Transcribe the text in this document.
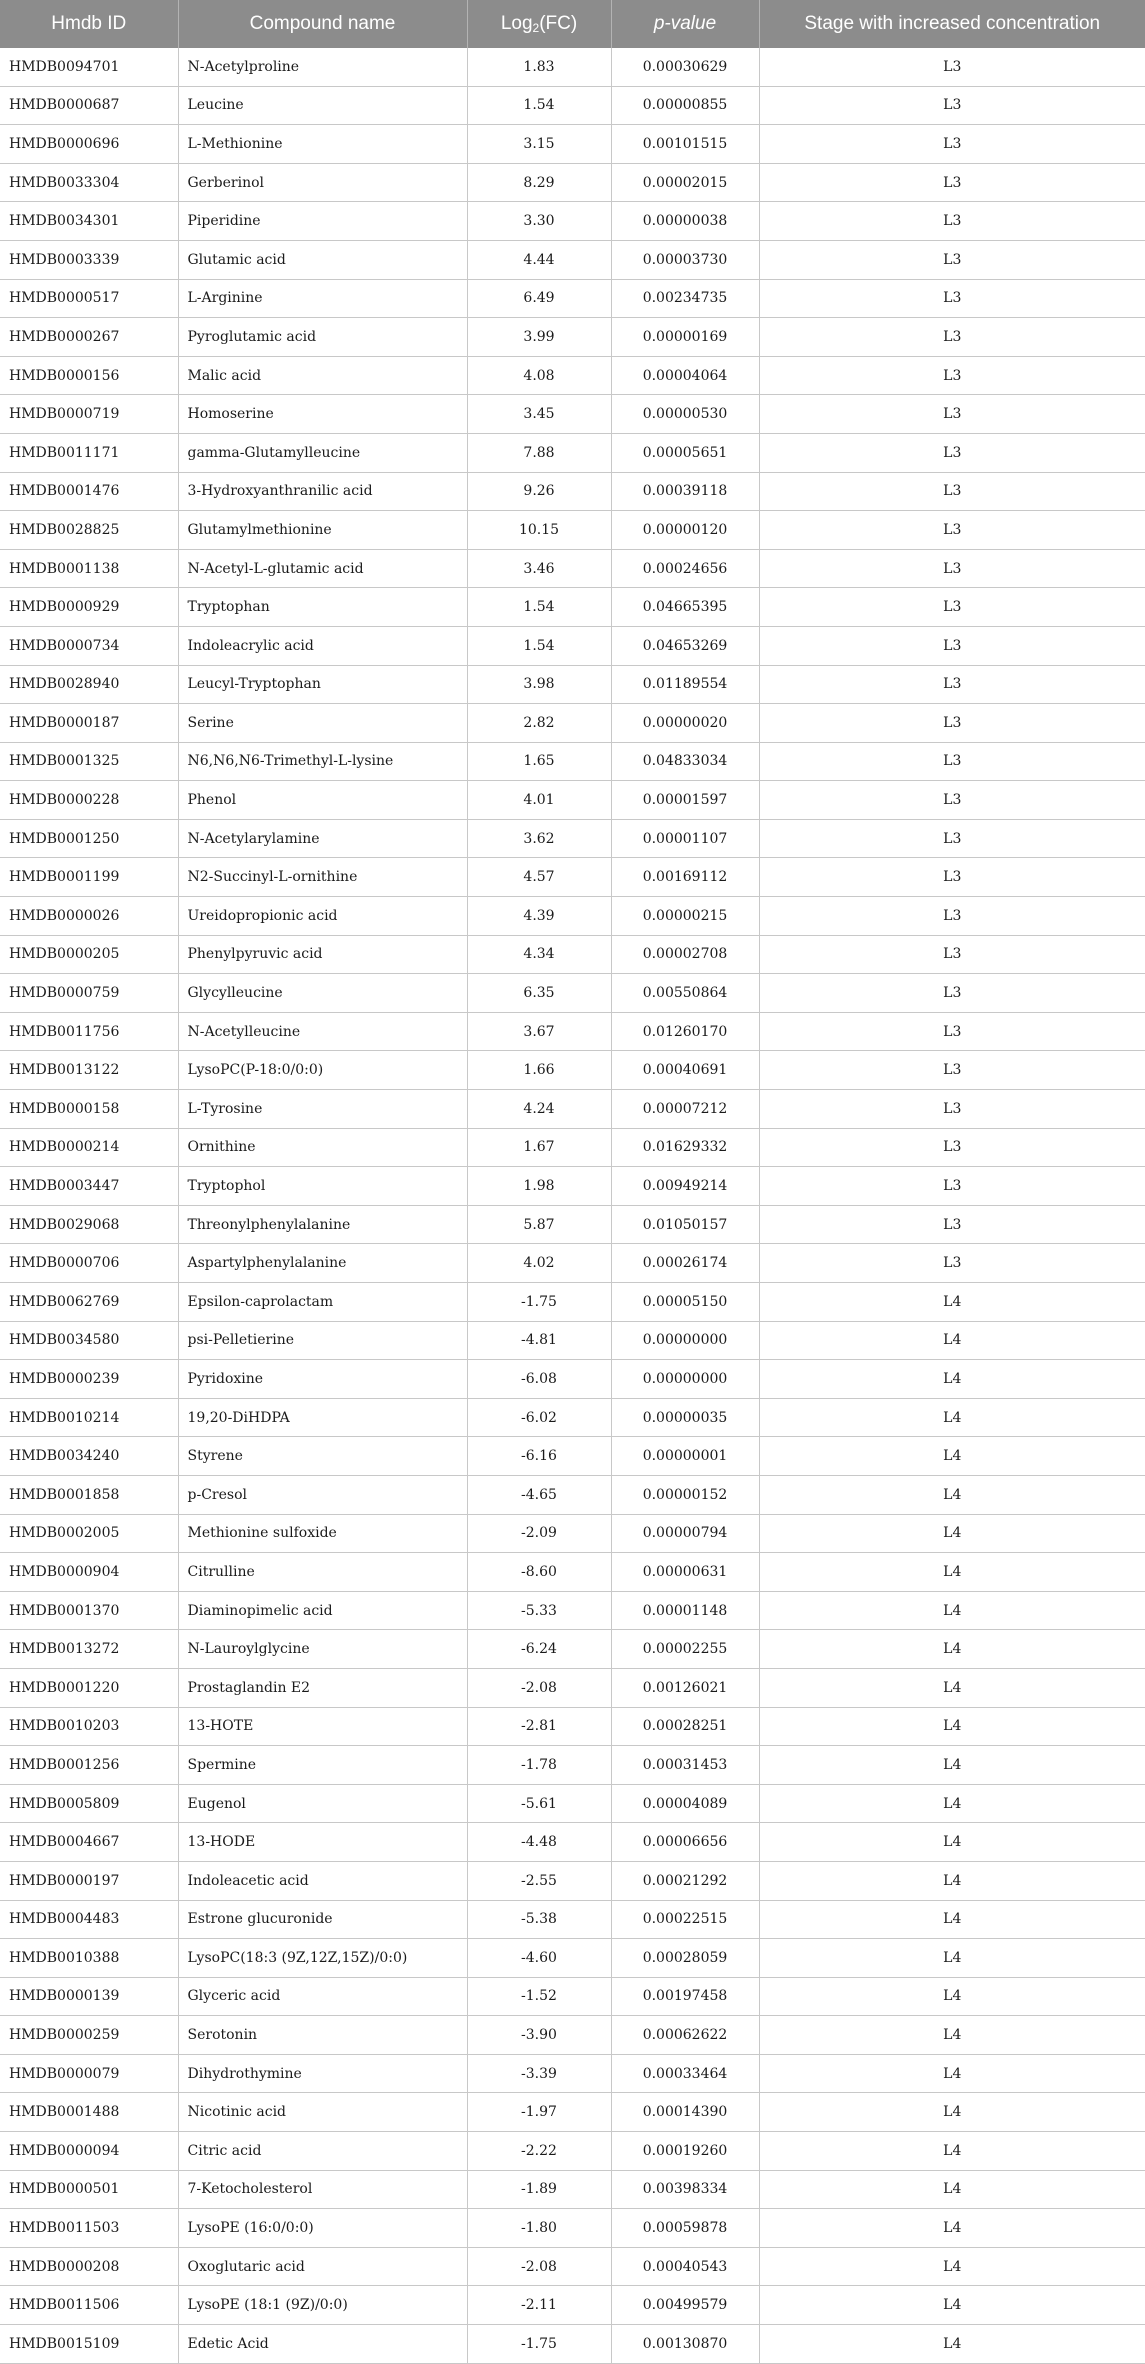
Hmdb ID	Compound name	Log$_2$(FC)	p-value	Stage with increased concentration
HMDB0094701	N-Acetylproline	1.83	0.00030629	L3
HMDB0000687	Leucine	1.54	0.00000855	L3
HMDB0000696	L-Methionine	3.15	0.00101515	L3
HMDB0033304	Gerberinol	8.29	0.00002015	L3
HMDB0034301	Piperidine	3.30	0.00000038	L3
HMDB0003339	Glutamic acid	4.44	0.00003730	L3
HMDB0000517	L-Arginine	6.49	0.00234735	L3
HMDB0000267	Pyroglutamic acid	3.99	0.00000169	L3
HMDB0000156	Malic acid	4.08	0.00004064	L3
HMDB0000719	Homoserine	3.45	0.00000530	L3
HMDB0011171	gamma-Glutamylleucine	7.88	0.00005651	L3
HMDB0001476	3-Hydroxyanthranilic acid	9.26	0.00039118	L3
HMDB0028825	Glutamylmethionine	10.15	0.00000120	L3
HMDB0001138	N-Acetyl-L-glutamic acid	3.46	0.00024656	L3
HMDB0000929	Tryptophan	1.54	0.04665395	L3
HMDB0000734	Indoleacrylic acid	1.54	0.04653269	L3
HMDB0028940	Leucyl-Tryptophan	3.98	0.01189554	L3
HMDB0000187	Serine	2.82	0.00000020	L3
HMDB0001325	N6,N6,N6-Trimethyl-L-lysine	1.65	0.04833034	L3
HMDB0000228	Phenol	4.01	0.00001597	L3
HMDB0001250	N-Acetylarylamine	3.62	0.00001107	L3
HMDB0001199	N2-Succinyl-L-ornithine	4.57	0.00169112	L3
HMDB0000026	Ureidopropionic acid	4.39	0.00000215	L3
HMDB0000205	Phenylpyruvic acid	4.34	0.00002708	L3
HMDB0000759	Glycylleucine	6.35	0.00550864	L3
HMDB0011756	N-Acetylleucine	3.67	0.01260170	L3
HMDB0013122	LysoPC(P-18:0/0:0)	1.66	0.00040691	L3
HMDB0000158	L-Tyrosine	4.24	0.00007212	L3
HMDB0000214	Ornithine	1.67	0.01629332	L3
HMDB0003447	Tryptophol	1.98	0.00949214	L3
HMDB0029068	Threonylphenylalanine	5.87	0.01050157	L3
HMDB0000706	Aspartylphenylalanine	4.02	0.00026174	L3
HMDB0062769	Epsilon-caprolactam	-1.75	0.00005150	L4
HMDB0034580	psi-Pelletierine	-4.81	0.00000000	L4
HMDB0000239	Pyridoxine	-6.08	0.00000000	L4
HMDB0010214	19,20-DiHDPA	-6.02	0.00000035	L4
HMDB0034240	Styrene	-6.16	0.00000001	L4
HMDB0001858	p-Cresol	-4.65	0.00000152	L4
HMDB0002005	Methionine sulfoxide	-2.09	0.00000794	L4
HMDB0000904	Citrulline	-8.60	0.00000631	L4
HMDB0001370	Diaminopimelic acid	-5.33	0.00001148	L4
HMDB0013272	N-Lauroylglycine	-6.24	0.00002255	L4
HMDB0001220	Prostaglandin E2	-2.08	0.00126021	L4
HMDB0010203	13-HOTE	-2.81	0.00028251	L4
HMDB0001256	Spermine	-1.78	0.00031453	L4
HMDB0005809	Eugenol	-5.61	0.00004089	L4
HMDB0004667	13-HODE	-4.48	0.00006656	L4
HMDB0000197	Indoleacetic acid	-2.55	0.00021292	L4
HMDB0004483	Estrone glucuronide	-5.38	0.00022515	L4
HMDB0010388	LysoPC(18:3 (9Z,12Z,15Z)/0:0)	-4.60	0.00028059	L4
HMDB0000139	Glyceric acid	-1.52	0.00197458	L4
HMDB0000259	Serotonin	-3.90	0.00062622	L4
HMDB0000079	Dihydrothymine	-3.39	0.00033464	L4
HMDB0001488	Nicotinic acid	-1.97	0.00014390	L4
HMDB0000094	Citric acid	-2.22	0.00019260	L4
HMDB0000501	7-Ketocholesterol	-1.89	0.00398334	L4
HMDB0011503	LysoPE (16:0/0:0)	-1.80	0.00059878	L4
HMDB0000208	Oxoglutaric acid	-2.08	0.00040543	L4
HMDB0011506	LysoPE (18:1 (9Z)/0:0)	-2.11	0.00499579	L4
HMDB0015109	Edetic Acid	-1.75	0.00130870	L4
